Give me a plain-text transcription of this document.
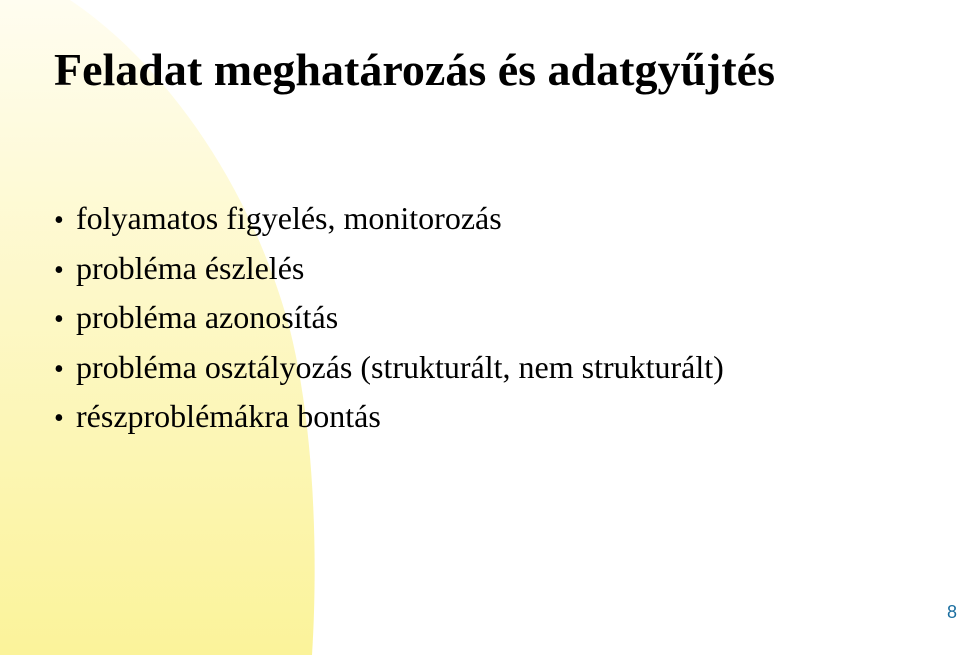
Feladat meghatározás és adatgyűjtés
• folyamatos figyelés, monitorozás
• probléma észlelés
• probléma azonosítás
• probléma osztályozás (strukturált, nem strukturált)
• részproblémákra bontás
8
